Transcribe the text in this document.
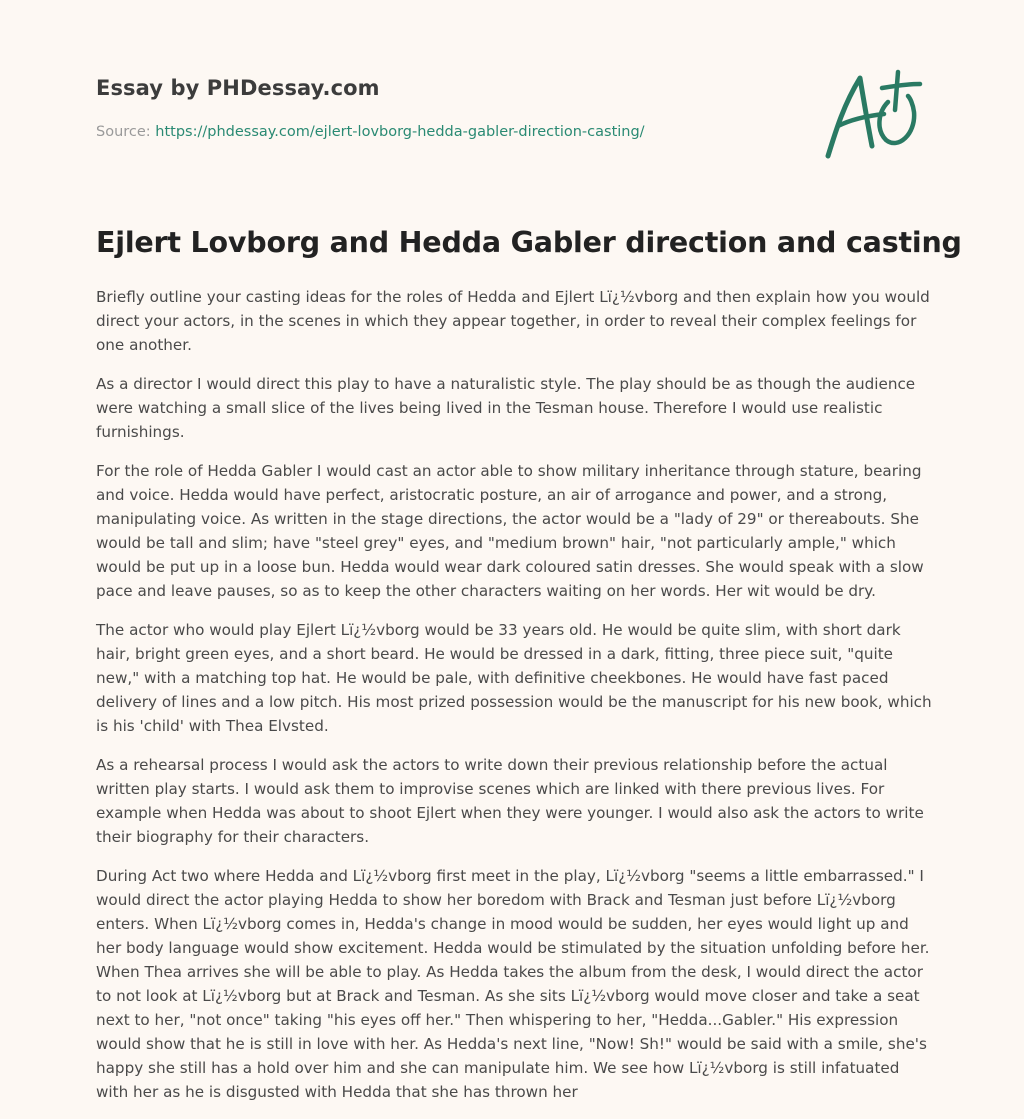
Essay by PHDessay.com
Source: https://phdessay.com/ejlert-lovborg-hedda-gabler-direction-casting/
Ejlert Lovborg and Hedda Gabler direction and casting

Briefly outline your casting ideas for the roles of Hedda and Ejlert Lï¿½vborg and then explain how you would direct your actors, in the scenes in which they appear together, in order to reveal their complex feelings for one another.

As a director I would direct this play to have a naturalistic style. The play should be as though the audience were watching a small slice of the lives being lived in the Tesman house. Therefore I would use realistic furnishings.

For the role of Hedda Gabler I would cast an actor able to show military inheritance through stature, bearing and voice. Hedda would have perfect, aristocratic posture, an air of arrogance and power, and a strong, manipulating voice. As written in the stage directions, the actor would be a "lady of 29" or thereabouts. She would be tall and slim; have "steel grey" eyes, and "medium brown" hair, "not particularly ample," which would be put up in a loose bun. Hedda would wear dark coloured satin dresses. She would speak with a slow pace and leave pauses, so as to keep the other characters waiting on her words. Her wit would be dry.

The actor who would play Ejlert Lï¿½vborg would be 33 years old. He would be quite slim, with short dark hair, bright green eyes, and a short beard. He would be dressed in a dark, fitting, three piece suit, "quite new," with a matching top hat. He would be pale, with definitive cheekbones. He would have fast paced delivery of lines and a low pitch. His most prized possession would be the manuscript for his new book, which is his 'child' with Thea Elvsted.

As a rehearsal process I would ask the actors to write down their previous relationship before the actual written play starts. I would ask them to improvise scenes which are linked with there previous lives. For example when Hedda was about to shoot Ejlert when they were younger. I would also ask the actors to write their biography for their characters.

During Act two where Hedda and Lï¿½vborg first meet in the play, Lï¿½vborg "seems a little embarrassed." I would direct the actor playing Hedda to show her boredom with Brack and Tesman just before Lï¿½vborg enters. When Lï¿½vborg comes in, Hedda's change in mood would be sudden, her eyes would light up and her body language would show excitement. Hedda would be stimulated by the situation unfolding before her. When Thea arrives she will be able to play. As Hedda takes the album from the desk, I would direct the actor to not look at Lï¿½vborg but at Brack and Tesman. As she sits Lï¿½vborg would move closer and take a seat next to her, "not once" taking "his eyes off her." Then whispering to her, "Hedda...Gabler." His expression would show that he is still in love with her. As Hedda's next line, "Now! Sh!" would be said with a smile, she's happy she still has a hold over him and she can manipulate him. We see how Lï¿½vborg is still infatuated with her as he is disgusted with Hedda that she has thrown her
